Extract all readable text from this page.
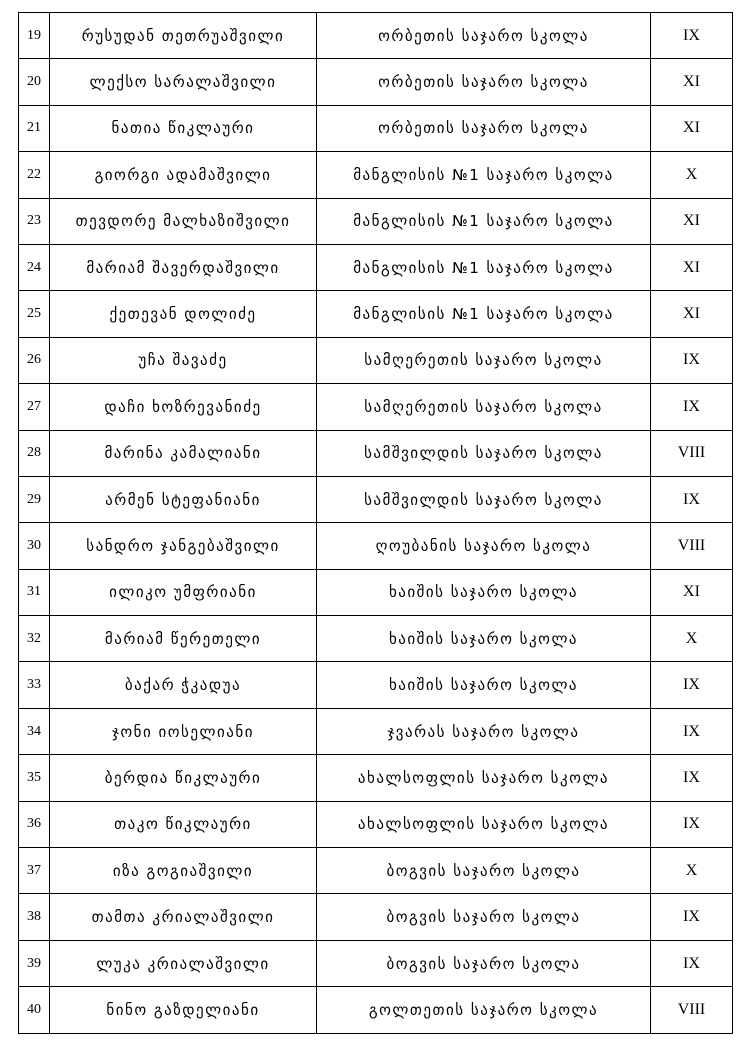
19	რუსუდან თეთრუაშვილი	ორბეთის საჯარო სკოლა	IX
20	ლექსო სარალაშვილი	ორბეთის საჯარო სკოლა	XI
21	ნათია წიკლაური	ორბეთის საჯარო სკოლა	XI
22	გიორგი ადამაშვილი	მანგლისის №1 საჯარო სკოლა	X
23	თევდორე მალხაზიშვილი	მანგლისის №1 საჯარო სკოლა	XI
24	მარიამ შავერდაშვილი	მანგლისის №1 საჯარო სკოლა	XI
25	ქეთევან დოლიძე	მანგლისის №1 საჯარო სკოლა	XI
26	უჩა შავაძე	სამღერეთის საჯარო სკოლა	IX
27	დაჩი ხოზრევანიძე	სამღერეთის საჯარო სკოლა	IX
28	მარინა კამალიანი	სამშვილდის საჯარო სკოლა	VIII
29	არმენ სტეფანიანი	სამშვილდის საჯარო სკოლა	IX
30	სანდრო ჯანგებაშვილი	ღოუბანის საჯარო სკოლა	VIII
31	ილიკო უმფრიანი	ხაიშის საჯარო სკოლა	XI
32	მარიამ წერეთელი	ხაიშის საჯარო სკოლა	X
33	ბაქარ ჭკადუა	ხაიშის საჯარო სკოლა	IX
34	ჯონი იოსელიანი	ჯვარას საჯარო სკოლა	IX
35	ბერდია წიკლაური	ახალსოფლის საჯარო სკოლა	IX
36	თაკო წიკლაური	ახალსოფლის საჯარო სკოლა	IX
37	იზა გოგიაშვილი	ბოგვის საჯარო სკოლა	X
38	თამთა კრიალაშვილი	ბოგვის საჯარო სკოლა	IX
39	ლუკა კრიალაშვილი	ბოგვის საჯარო სკოლა	IX
40	ნინო გაზდელიანი	გოლთეთის საჯარო სკოლა	VIII
